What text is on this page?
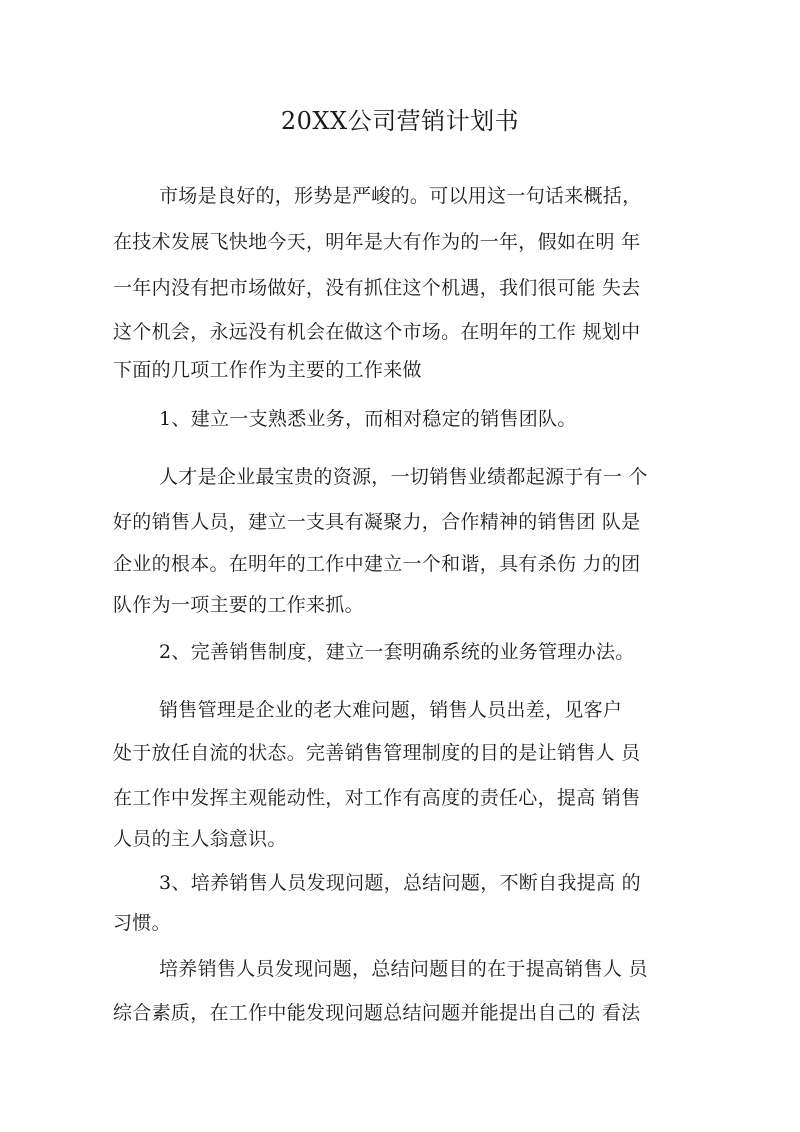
20XX公司营销计划书
市场是良好的，形势是严峻的。可以用这一句话来概括，
在技术发展飞快地今天，明年是大有作为的一年，假如在明 年
一年内没有把市场做好，没有抓住这个机遇，我们很可能 失去
这个机会，永远没有机会在做这个市场。在明年的工作 规划中
下面的几项工作作为主要的工作来做
1、建立一支熟悉业务，而相对稳定的销售团队。
人才是企业最宝贵的资源，一切销售业绩都起源于有一 个
好的销售人员，建立一支具有凝聚力，合作精神的销售团 队是
企业的根本。在明年的工作中建立一个和谐，具有杀伤 力的团
队作为一项主要的工作来抓。
2、完善销售制度，建立一套明确系统的业务管理办法。
销售管理是企业的老大难问题，销售人员出差，见客户
处于放任自流的状态。完善销售管理制度的目的是让销售人 员
在工作中发挥主观能动性，对工作有高度的责任心，提高 销售
人员的主人翁意识。
3、培养销售人员发现问题，总结问题，不断自我提高 的
习惯。
培养销售人员发现问题，总结问题目的在于提高销售人 员
综合素质，在工作中能发现问题总结问题并能提出自己的 看法
